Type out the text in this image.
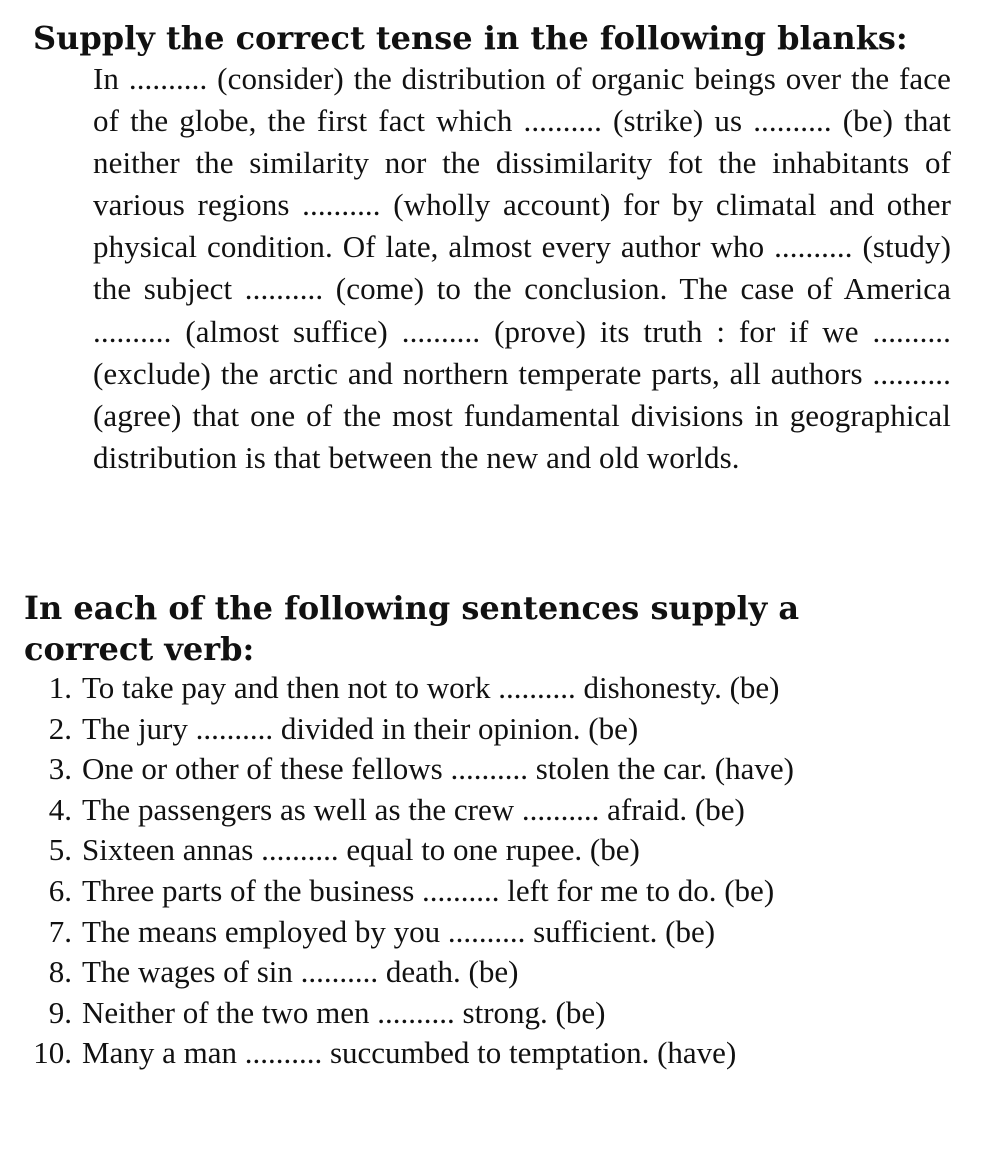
Supply the correct tense in the following blanks:
In .......... (consider) the distribution of organic beings over the face of the globe, the first fact which .......... (strike) us .......... (be) that neither the similarity nor the dissimilarity fot the inhabitants of various regions .......... (wholly account) for by climatal and other physical condition. Of late, almost every author who .......... (study) the subject .......... (come) to the conclusion. The case of America .......... (almost suffice) .......... (prove) its truth : for if we .......... (exclude) the arctic and northern temperate parts, all authors .......... (agree) that one of the most fundamental divisions in geographical distribution is that between the new and old worlds.
In each of the following sentences supply a correct verb:
1. To take pay and then not to work .......... dishonesty. (be)
2. The jury .......... divided in their opinion. (be)
3. One or other of these fellows .......... stolen the car. (have)
4. The passengers as well as the crew .......... afraid. (be)
5. Sixteen annas .......... equal to one rupee. (be)
6. Three parts of the business .......... left for me to do. (be)
7. The means employed by you .......... sufficient. (be)
8. The wages of sin .......... death. (be)
9. Neither of the two men .......... strong. (be)
10. Many a man .......... succumbed to temptation. (have)
